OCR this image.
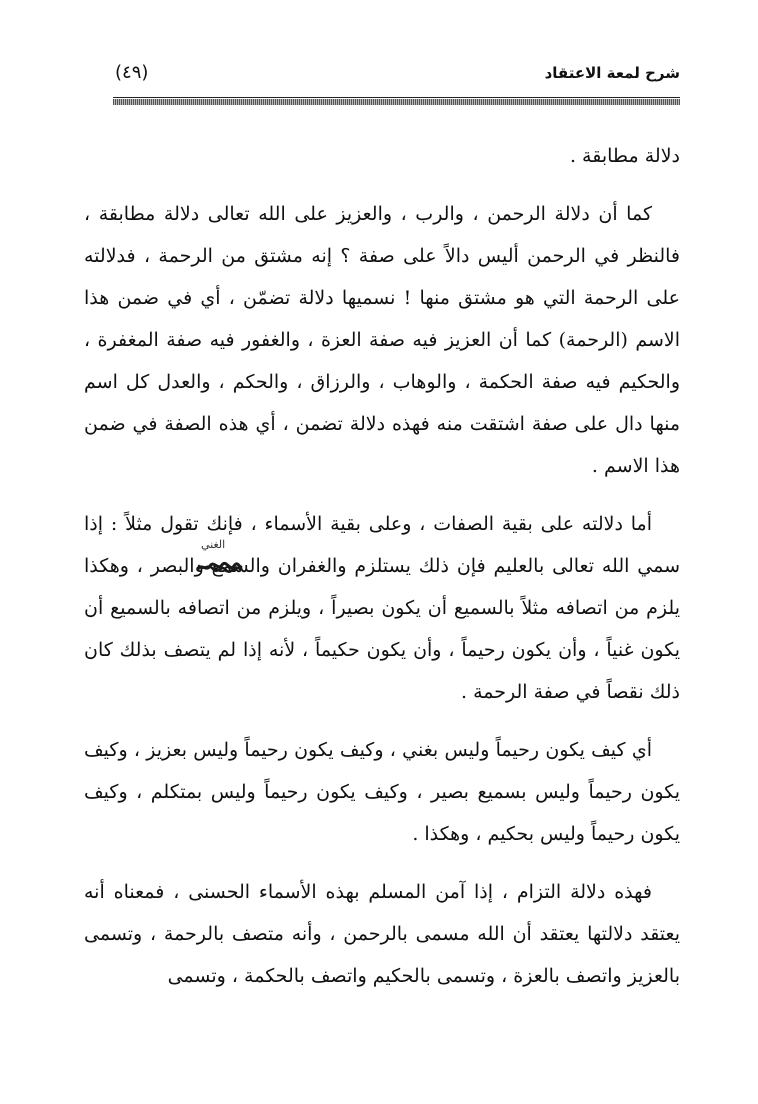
شرح لمعة الاعتقاد
(٤٩)

دلالة مطابقة .

كما أن دلالة الرحمن ، والرب ، والعزيز على الله تعالى دلالة مطابقة ، فالنظر في الرحمن أليس دالاً على صفة ؟ إنه مشتق من الرحمة ، فدلالته على الرحمة التي هو مشتق منها ! نسميها دلالة تضمّن ، أي في ضمن هذا الاسم (الرحمة) كما أن العزيز فيه صفة العزة ، والغفور فيه صفة المغفرة ، والحكيم فيه صفة الحكمة ، والوهاب ، والرزاق ، والحكم ، والعدل كل اسم منها دال على صفة اشتقت منه فهذه دلالة تضمن ، أي هذه الصفة في ضمن هذا الاسم .

أما دلالته على بقية الصفات ، وعلى بقية الأسماء ، فإنك تقول مثلاً : إذا سمي الله تعالى بالعليم فإن ذلك يستلزم والغفران والسمع والبصر ، وهكذا يلزم من اتصافه مثلاً بالسميع أن يكون بصيراً ، ويلزم من اتصافه بالسميع أن يكون غنياً ، وأن يكون رحيماً ، وأن يكون حكيماً ، لأنه إذا لم يتصف بذلك كان ذلك نقصاً في صفة الرحمة .

أي كيف يكون رحيماً وليس بغني ، وكيف يكون رحيماً وليس بعزيز ، وكيف يكون رحيماً وليس بسميع بصير ، وكيف يكون رحيماً وليس بمتكلم ، وكيف يكون رحيماً وليس بحكيم ، وهكذا .

فهذه دلالة التزام ، إذا آمن المسلم بهذه الأسماء الحسنى ، فمعناه أنه يعتقد دلالتها يعتقد أن الله مسمى بالرحمن ، وأنه متصف بالرحمة ، وتسمى بالعزيز واتصف بالعزة ، وتسمى بالحكيم واتصف بالحكمة ، وتسمى

الغني
